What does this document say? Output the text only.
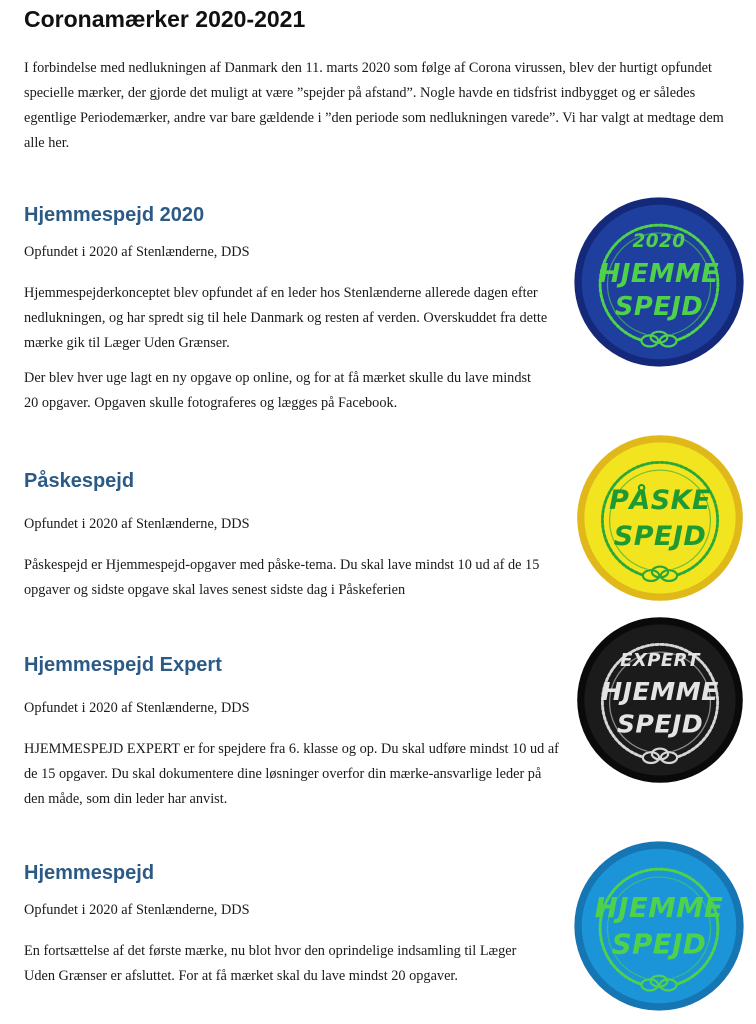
Coronamærker 2020-2021

I forbindelse med nedlukningen af Danmark den 11. marts 2020 som følge af Corona virussen, blev der hurtigt opfundet specielle mærker, der gjorde det muligt at være ”spejder på afstand”. Nogle havde en tidsfrist indbygget og er således egentlige Periodemærker, andre var bare gældende i ”den periode som nedlukningen varede”. Vi har valgt at medtage dem alle her.

Hjemmespejd 2020

Opfundet i 2020 af Stenlænderne, DDS

Hjemmespejderkonceptet blev opfundet af en leder hos Stenlænderne allerede dagen efter nedlukningen, og har spredt sig til hele Danmark og resten af verden. Overskuddet fra dette mærke gik til Læger Uden Grænser.

Der blev hver uge lagt en ny opgave op online, og for at få mærket skulle du lave mindst 20 opgaver. Opgaven skulle fotograferes og lægges på Facebook.

2020
HJEMME
SPEJD
Påskespejd

Opfundet i 2020 af Stenlænderne, DDS

Påskespejd er Hjemmespejd-opgaver med påske-tema. Du skal lave mindst 10 ud af de 15 opgaver og sidste opgave skal laves senest sidste dag i Påskeferien

PÅSKE
SPEJD
Hjemmespejd Expert

Opfundet i 2020 af Stenlænderne, DDS

HJEMMESPEJD EXPERT er for spejdere fra 6. klasse og op. Du skal udføre mindst 10 ud af de 15 opgaver. Du skal dokumentere dine løsninger overfor din mærke-ansvarlige leder på den måde, som din leder har anvist.

EXPERT
HJEMME
SPEJD
Hjemmespejd

Opfundet i 2020 af Stenlænderne, DDS

En fortsættelse af det første mærke, nu blot hvor den oprindelige indsamling til Læger Uden Grænser er afsluttet. For at få mærket skal du lave mindst 20 opgaver.

HJEMME
SPEJD
